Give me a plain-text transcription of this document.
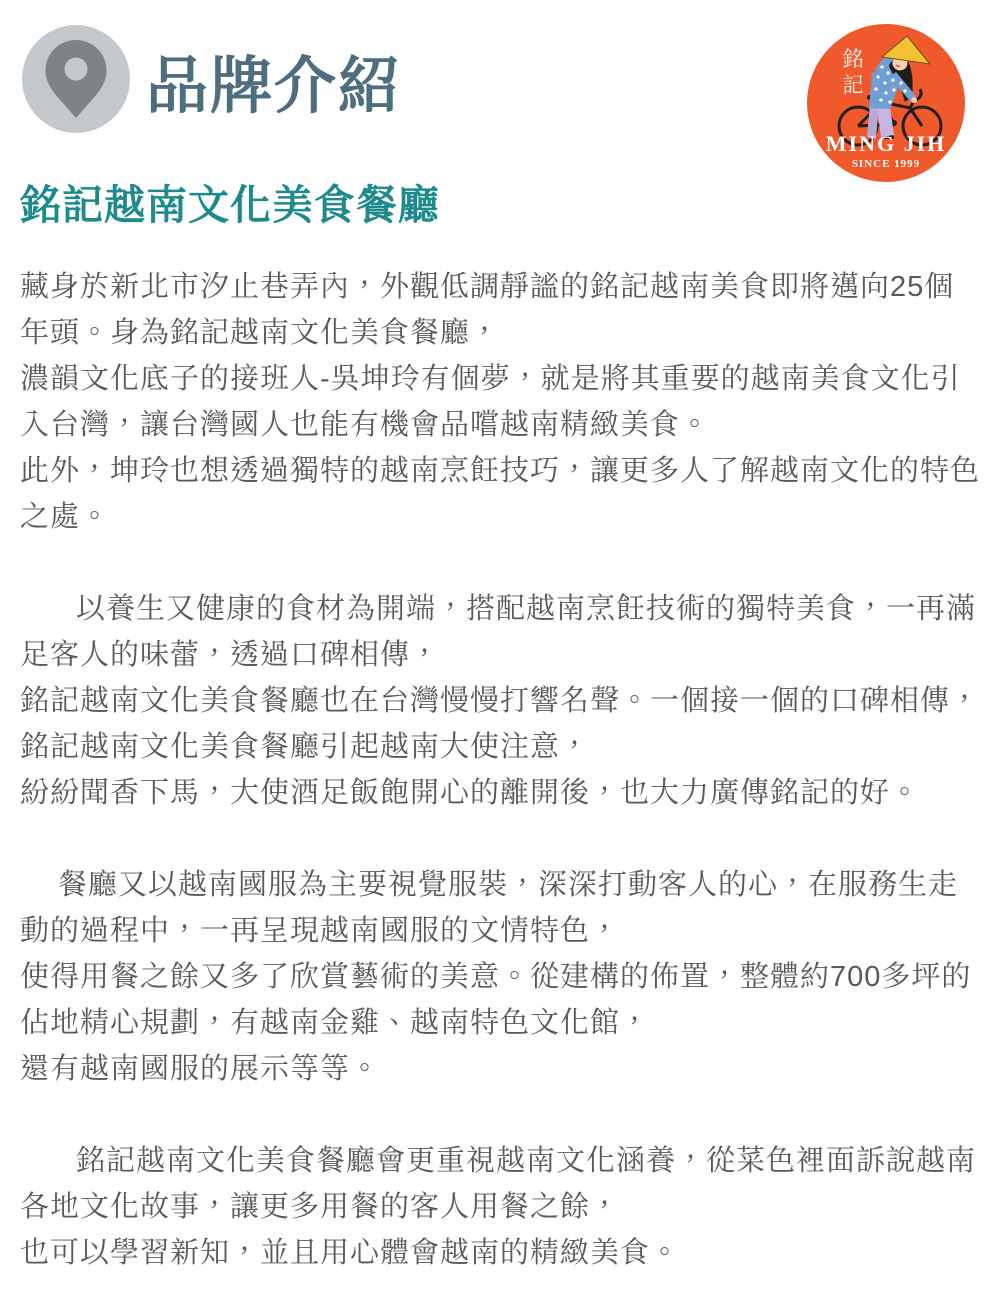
品牌介紹	銘
記
MING JIH
SINCE 1999
銘記越南文化美食餐廳
藏身於新北市汐止巷弄內，外觀低調靜謐的銘記越南美食即將邁向25個
年頭。身為銘記越南文化美食餐廳，
濃韻文化底子的接班人-吳坤玲有個夢，就是將其重要的越南美食文化引
入台灣，讓台灣國人也能有機會品嚐越南精緻美食。
此外，坤玲也想透過獨特的越南烹飪技巧，讓更多人了解越南文化的特色
之處。
以養生又健康的食材為開端，搭配越南烹飪技術的獨特美食，一再滿
足客人的味蕾，透過口碑相傳，
銘記越南文化美食餐廳也在台灣慢慢打響名聲。一個接一個的口碑相傳，
銘記越南文化美食餐廳引起越南大使注意，
紛紛聞香下馬，大使酒足飯飽開心的離開後，也大力廣傳銘記的好。
餐廳又以越南國服為主要視覺服裝，深深打動客人的心，在服務生走
動的過程中，一再呈現越南國服的文情特色，
使得用餐之餘又多了欣賞藝術的美意。從建構的佈置，整體約700多坪的
佔地精心規劃，有越南金雞、越南特色文化館，
還有越南國服的展示等等。
銘記越南文化美食餐廳會更重視越南文化涵養，從菜色裡面訴說越南
各地文化故事，讓更多用餐的客人用餐之餘，
也可以學習新知，並且用心體會越南的精緻美食。
